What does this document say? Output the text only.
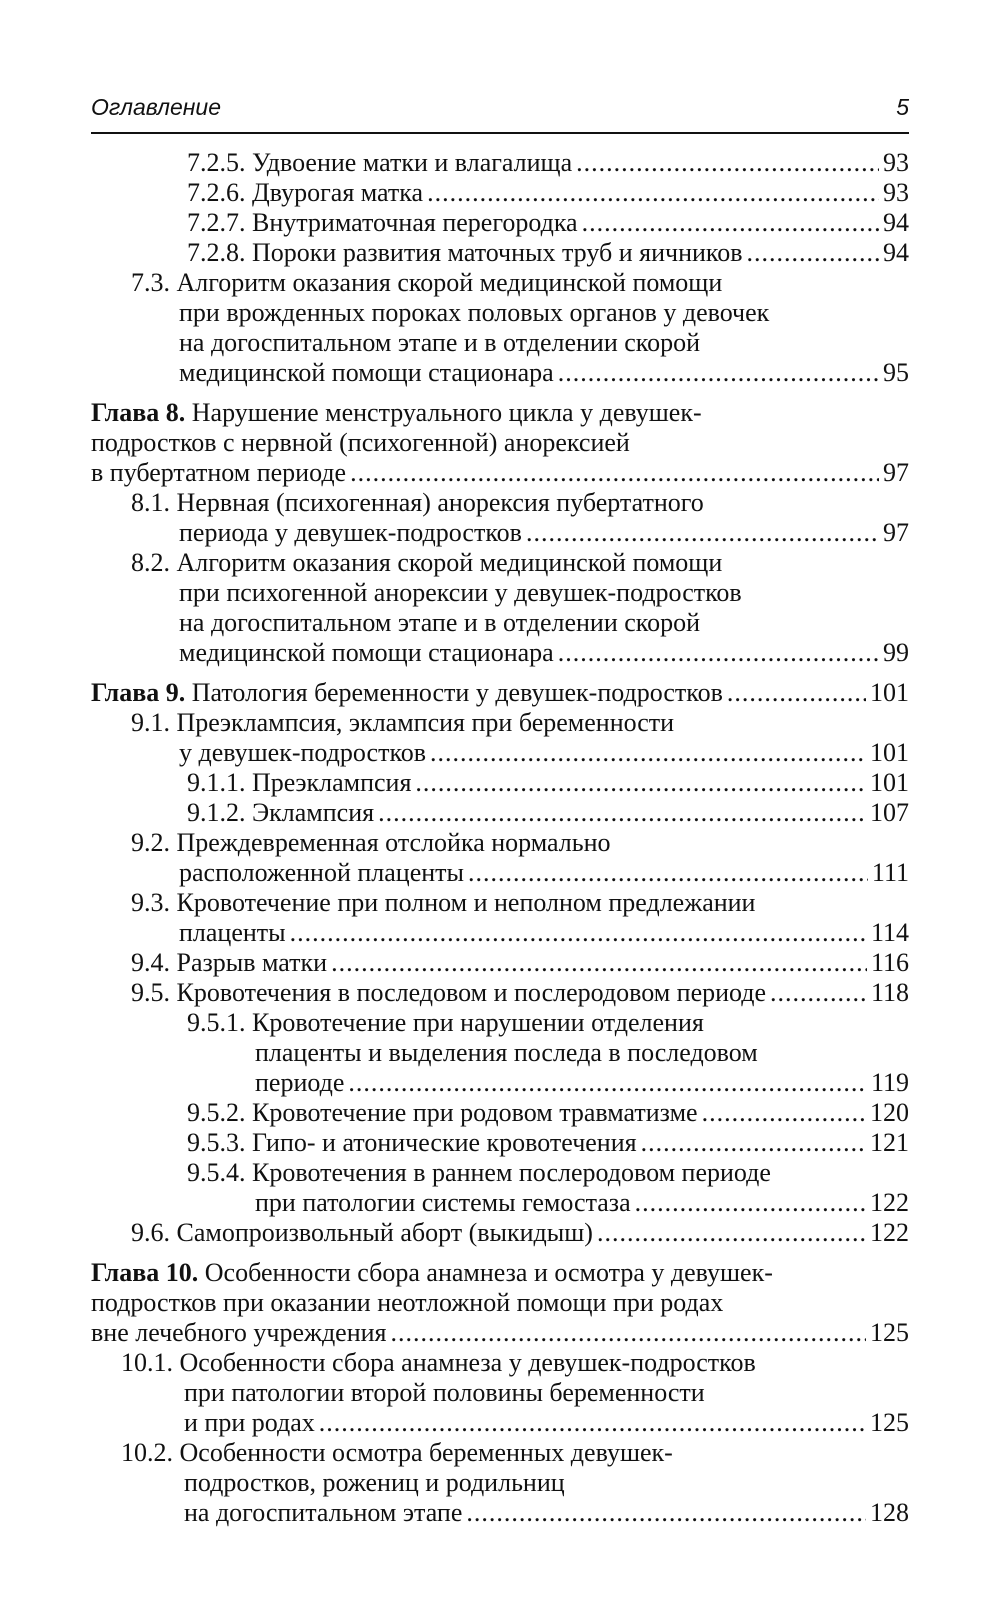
Оглавление	5
7.2.5. Удвоение матки и влагалища .....	93
7.2.6. Двурогая матка .....	93
7.2.7. Внутриматочная перегородка .....	94
7.2.8. Пороки развития маточных труб и яичников .....	94
7.3. Алгоритм оказания скорой медицинской помощи
при врожденных пороках половых органов у девочек
на догоспитальном этапе и в отделении скорой
медицинской помощи стационара .....	95
Глава 8. Нарушение менструального цикла у девушек-
подростков с нервной (психогенной) анорексией
в пубертатном периоде .....	97
8.1. Нервная (психогенная) анорексия пубертатного
периода у девушек-подростков .....	97
8.2. Алгоритм оказания скорой медицинской помощи
при психогенной анорексии у девушек-подростков
на догоспитальном этапе и в отделении скорой
медицинской помощи стационара .....	99
Глава 9. Патология беременности у девушек-подростков .....	101
9.1. Преэклампсия, эклампсия при беременности
у девушек-подростков .....	101
9.1.1. Преэклампсия .....	101
9.1.2. Эклампсия .....	107
9.2. Преждевременная отслойка нормально
расположенной плаценты .....	111
9.3. Кровотечение при полном и неполном предлежании
плаценты .....	114
9.4. Разрыв матки .....	116
9.5. Кровотечения в последовом и послеродовом периоде .....	118
9.5.1. Кровотечение при нарушении отделения
плаценты и выделения последа в последовом
периоде .....	119
9.5.2. Кровотечение при родовом травматизме .....	120
9.5.3. Гипо- и атонические кровотечения .....	121
9.5.4. Кровотечения в раннем послеродовом периоде
при патологии системы гемостаза .....	122
9.6. Самопроизвольный аборт (выкидыш) .....	122
Глава 10. Особенности сбора анамнеза и осмотра у девушек-
подростков при оказании неотложной помощи при родах
вне лечебного учреждения .....	125
10.1. Особенности сбора анамнеза у девушек-подростков
при патологии второй половины беременности
и при родах .....	125
10.2. Особенности осмотра беременных девушек-
подростков, рожениц и родильниц
на догоспитальном этапе .....	128
